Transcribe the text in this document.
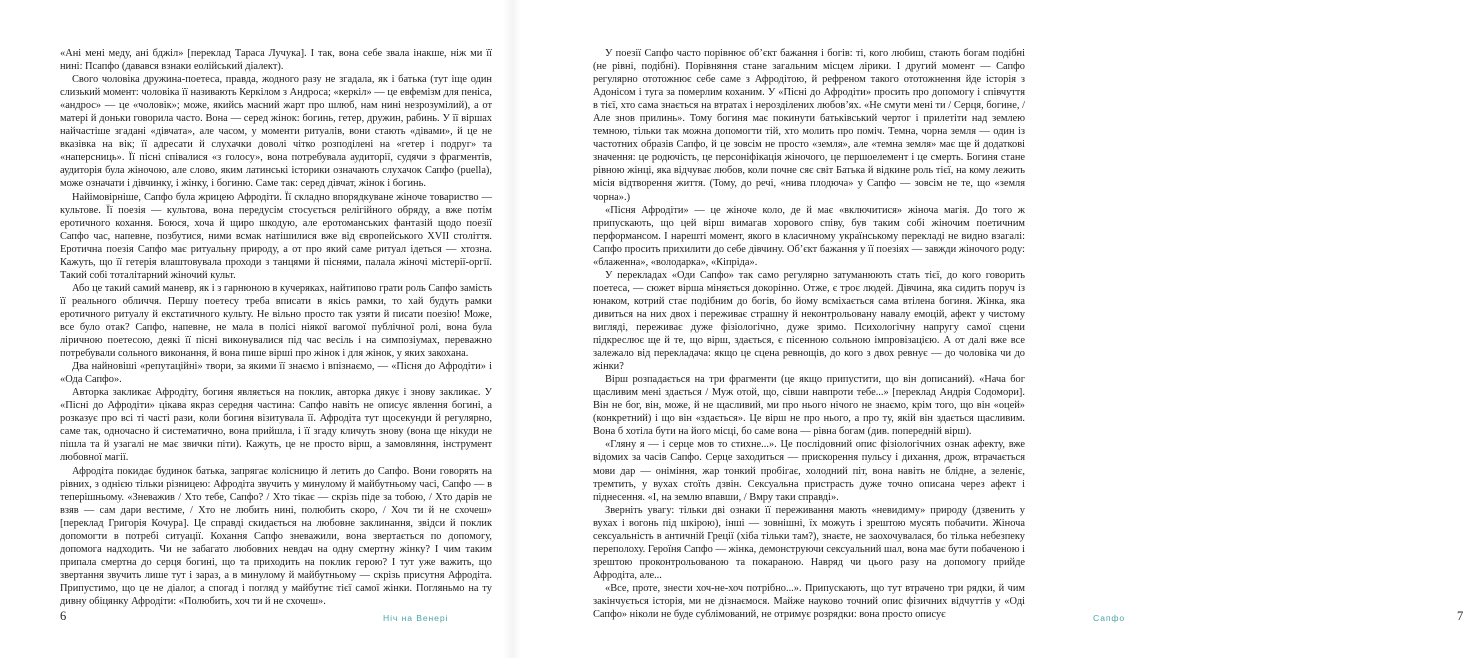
«Ані мені меду, ані бджіл» [переклад Тараса Лучука]. І так, вона себе звала інакше, ніж ми її нині: Псапфо (давався взнаки еолійський діалект).

Свого чоловіка дружина-поетеса, правда, жодного разу не згадала, як і батька (тут іще один слизький момент: чоловіка її називають Керкілом з Андроса; «керкіл» — це евфемізм для пеніса, «андрос» — це «чоловік»; може, якийсь масний жарт про шлюб, нам нині незрозумілий), а от матері й доньки говорила часто. Вона — серед жінок: богинь, гетер, дружин, рабинь. У її віршах найчастіше згадані «дівчата», але часом, у моменти ритуалів, вони стають «дівами», й це не вказівка на вік; її адресати й слухачки доволі чітко розподілені на «гетер і подруг» та «наперсниць». Її пісні співалися «з голосу», вона потребувала аудиторії, судячи з фрагментів, аудиторія була жіночою, але слово, яким латинські історики означають слухачок Сапфо (puella), може означати і дівчинку, і жінку, і богиню. Саме так: серед дівчат, жінок і богинь.

Найімовірніше, Сапфо була жрицею Афродіти. Її складно впорядкуване жіноче товариство — культове. Її поезія — культова, вона передусім стосується релігійного обряду, а вже потім еротичного кохання. Боюся, хоча й щиро шкодую, але еротоманських фантазій щодо поезії Сапфо час, напевне, позбутися, ними всмак натішилися вже від європейського XVII століття. Еротична поезія Сапфо має ритуальну природу, а от про який саме ритуал ідеться — хтозна. Кажуть, що її гетерія влаштовувала проходи з танцями й піснями, палала жіночі містерії-оргії. Такий собі тоталітарний жіночий культ.

Або це такий самий маневр, як і з гарнюною в кучеряках, найтипово грати роль Сапфо замість її реального обличчя. Першу поетесу треба вписати в якісь рамки, то хай будуть рамки еротичного ритуалу й екстатичного культу. Не вільно просто так узяти й писати поезію! Може, все було отак? Сапфо, напевне, не мала в полісі ніякої вагомої публічної ролі, вона була ліричною поетесою, деякі її пісні виконувалися під час весіль і на симпозіумах, переважно потребували сольного виконання, й вона пише вірші про жінок і для жінок, у яких закохана.

Два найновіші «репутаційні» твори, за якими її знаємо і впізнаємо, — «Пісня до Афродіти» і «Ода Сапфо».

Авторка закликає Афродіту, богиня являється на поклик, авторка дякує і знову закликає. У «Пісні до Афродіти» цікава якраз середня частина: Сапфо навіть не описує явлення богині, а розказує про всі ті часті рази, коли богиня візитувала її. Афродіта тут щосекунди й регулярно, саме так, одночасно й систематично, вона прийшла, і її згаду кличуть знову (вона ще нікуди не пішла та й узагалі не має звички піти). Кажуть, це не просто вірш, а замовляння, інструмент любовної магії.

Афродіта покидає будинок батька, запрягає колісницю й летить до Сапфо. Вони говорять на рівних, з однією тільки різницею: Афродіта звучить у минулому й майбутньому часі, Сапфо — в теперішньому. «Зневажив / Хто тебе, Сапфо? / Хто тікає — скрізь піде за тобою, / Хто дарів не взяв — сам дари вестиме, / Хто не любить нині, полюбить скоро, / Хоч ти й не схочеш» [переклад Григорія Кочура]. Це справді скидається на любовне заклинання, звідси й поклик допомогти в потребі ситуації. Кохання Сапфо зневажили, вона звертається по допомогу, допомога надходить. Чи не забагато любовних невдач на одну смертну жінку? І чим таким припала смертна до серця богині, що та приходить на поклик герою? І тут уже важить, що звертання звучить лише тут і зараз, а в минулому й майбутньому — скрізь присутня Афродіта. Припустимо, що це не діалог, а спогад і погляд у майбутнє тієї самої жінки. Погляньмо на ту дивну обіцянку Афродіти: «Полюбить, хоч ти й не схочеш».

6	Ніч на Венері

У поезії Сапфо часто порівнює об’єкт бажання і богів: ті, кого любиш, стають богам подібні (не рівні, подібні). Порівняння стане загальним місцем лірики. І другий момент — Сапфо регулярно ототожнює себе саме з Афродітою, й рефреном такого ототожнення йде історія з Адонісом і туга за померлим коханим. У «Пісні до Афродіти» просить про допомогу і співчуття в тієї, хто сама знається на втратах і нерозділених любов’ях. «Не смути мені ти / Серця, богине, / Але знов прилинь». Тому богиня має покинути батьківський чертог і прилетіти над землею темною, тільки так можна допомогти тій, хто молить про поміч. Темна, чорна земля — один із частотних образів Сапфо, й це зовсім не просто «земля», але «темна земля» має ще й додаткові значення: це родючість, це персоніфікація жіночого, це першоелемент і це смерть. Богиня стане рівною жінці, яка відчуває любов, коли почне сяє світ Батька й відкине роль тієї, на кому лежить місія відтворення життя. (Тому, до речі, «нива плодюча» у Сапфо — зовсім не те, що «земля чорна».)

«Пісня Афродіти» — це жіноче коло, де й має «включитися» жіноча магія. До того ж припускають, що цей вірш вимагав хорового співу, був таким собі жіночим поетичним перформансом. І нарешті момент, якого в класичному українському перекладі не видно взагалі: Сапфо просить прихилити до себе дівчину. Об’єкт бажання у її поезіях — завжди жіночого роду: «блаженна», «володарка», «Кіпріда».

У перекладах «Оди Сапфо» так само регулярно затуманюють стать тієї, до кого говорить поетеса, — сюжет вірша міняється докорінно. Отже, є троє людей. Дівчина, яка сидить поруч із юнаком, котрий стає подібним до богів, бо йому всміхається сама втілена богиня. Жінка, яка дивиться на них двох і переживає страшну й неконтрольовану навалу емоцій, афект у чистому вигляді, переживає дуже фізіологічно, дуже зримо. Психологічну напругу самої сцени підкреслює ще й те, що вірш, здається, є пісенною сольною імпровізацією. А от далі вже все залежало від перекладача: якщо це сцена ревнощів, до кого з двох ревнує — до чоловіка чи до жінки?

Вірш розпадається на три фрагменти (це якщо припустити, що він дописаний). «Нача бог щасливим мені здається / Муж отой, що, сівши навпроти тебе...» [переклад Андрія Содомори]. Він не бог, він, може, й не щасливий, ми про нього нічого не знаємо, крім того, що він «оцей» (конкретний) і що він «здається». Це вірш не про нього, а про ту, якій він здається щасливим. Вона б хотіла бути на його місці, бо саме вона — рівна богам (див. попередній вірш).

«Гляну я — і серце мов то стихне...». Це послідовний опис фізіологічних ознак афекту, вже відомих за часів Сапфо. Серце заходиться — прискорення пульсу і дихання, дрож, втрачається мови дар — оніміння, жар тонкий пробігає, холодний піт, вона навіть не блідне, а зеленіє, тремтить, у вухах стоїть дзвін. Сексуальна пристрасть дуже точно описана через афект і піднесення. «І, на землю впавши, / Вмру таки справді».

Зверніть увагу: тільки дві ознаки її переживання мають «невидиму» природу (дзвенить у вухах і вогонь під шкірою), інші — зовнішні, їх можуть і зрештою мусять побачити. Жіноча сексуальність в античній Греції (хіба тільки там?), знаєте, не заохочувалася, бо тілька небезпеку переполоху. Героїня Сапфо — жінка, демонструючи сексуальний шал, вона має бути побаченою і зрештою проконтрольованою та покараною. Навряд чи цього разу на допомогу прийде Афродіта, але...

«Все, проте, знести хоч-не-хоч потрібно...». Припускають, що тут втрачено три рядки, й чим закінчується історія, ми не дізнаємося. Майже науково точний опис фізичних відчуттів у «Оді Сапфо» ніколи не буде сублімований, не отримує розрядки: вона просто описує	Сапфо	7
